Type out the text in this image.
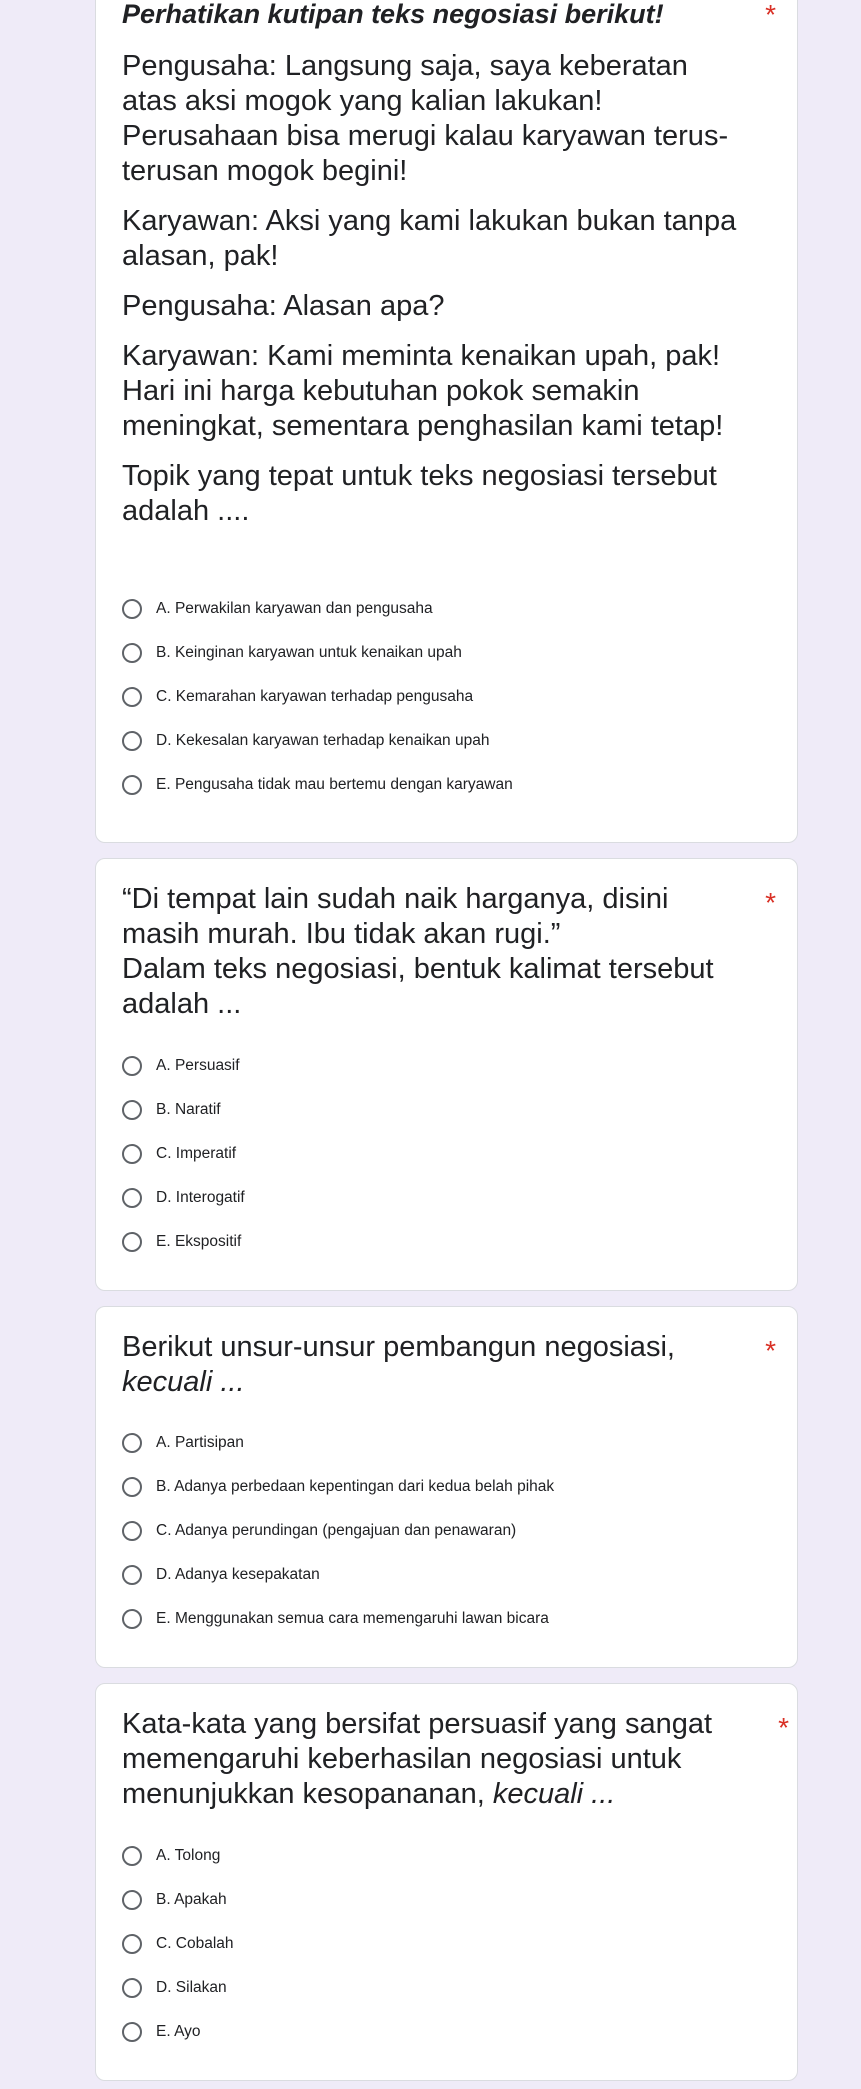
Perhatikan kutipan teks negosiasi berikut!

Pengusaha: Langsung saja, saya keberatan atas aksi mogok yang kalian lakukan! Perusahaan bisa merugi kalau karyawan terus-terusan mogok begini!

Karyawan: Aksi yang kami lakukan bukan tanpa alasan, pak!

Pengusaha: Alasan apa?

Karyawan: Kami meminta kenaikan upah, pak! Hari ini harga kebutuhan pokok semakin meningkat, sementara penghasilan kami tetap!

Topik yang tepat untuk teks negosiasi tersebut adalah ....

*
A. Perwakilan karyawan dan pengusaha
B. Keinginan karyawan untuk kenaikan upah
C. Kemarahan karyawan terhadap pengusaha
D. Kekesalan karyawan terhadap kenaikan upah
E. Pengusaha tidak mau bertemu dengan karyawan

“Di tempat lain sudah naik harganya, disini masih murah. Ibu tidak akan rugi.”

Dalam teks negosiasi, bentuk kalimat tersebut adalah ...

*
A. Persuasif
B. Naratif
C. Imperatif
D. Interogatif
E. Ekspositif

Berikut unsur-unsur pembangun negosiasi, kecuali ...

*
A. Partisipan
B. Adanya perbedaan kepentingan dari kedua belah pihak
C. Adanya perundingan (pengajuan dan penawaran)
D. Adanya kesepakatan
E. Menggunakan semua cara memengaruhi lawan bicara

Kata-kata yang bersifat persuasif yang sangat memengaruhi keberhasilan negosiasi untuk menunjukkan kesopananan, kecuali ...

*
A. Tolong
B. Apakah
C. Cobalah
D. Silakan
E. Ayo
